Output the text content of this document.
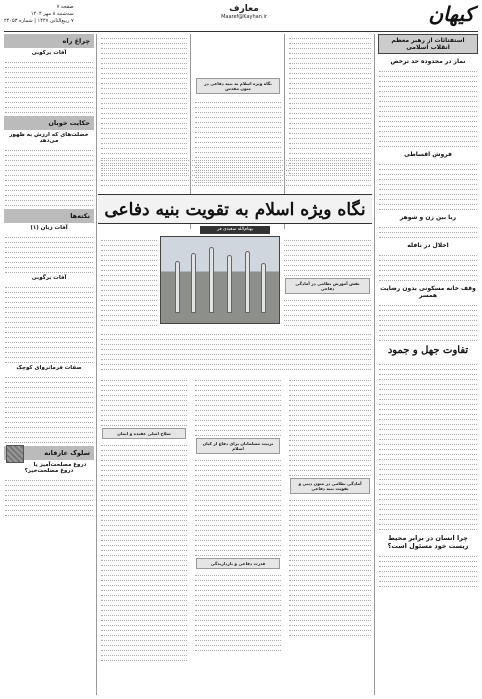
صفحه ۷
سه‌شنبه ۸ مهر ۱۴۰۴
۷ ربیع‌الثانی ۱۴۴۷ | شماره ۲۴۰۵۳
معارف
Maaref@Kayhan.ir	کیهان
چراغ راه
آفات برکوبی
حکایت خوبان
خصلت‌های که ارزش به ظهور می‌دهد
نکته‌ها
آفات زبان (۱)
آفات برگوبی
صفات فرمانروای کوچک
سلوک عارفانه
دروغ مصلحت‌آمیز یا دروغ مصلحت‌خیز؟
نگاه ویژه اسلام به بنیه دفاعی در متون مقدس
نگاه ویژه اسلام به تقویت بنیه دفاعی
بهنام‌الله سعیدی فر
نقش آموزش نظامی در آمادگی دفاعی
سلاح اصلی عقیده و ایمان
تربیت مسلمانان برای دفاع از کیان اسلام
قدرت دفاعی و بازدارندگی
آمادگی نظامی در متون دینی و تقویت بنیه دفاعی
استفتائات از رهبر معظم انقلاب اسلامی
نماز در محدوده حد ترخص
فروش اقساطی
ربا بین زن و شوهر
اخلال در نافله
وقف خانه مسکونی بدون رضایت همسر
تفاوت جهل و جمود
چرا انسان در برابر محیط زیست خود مسئول است؟
